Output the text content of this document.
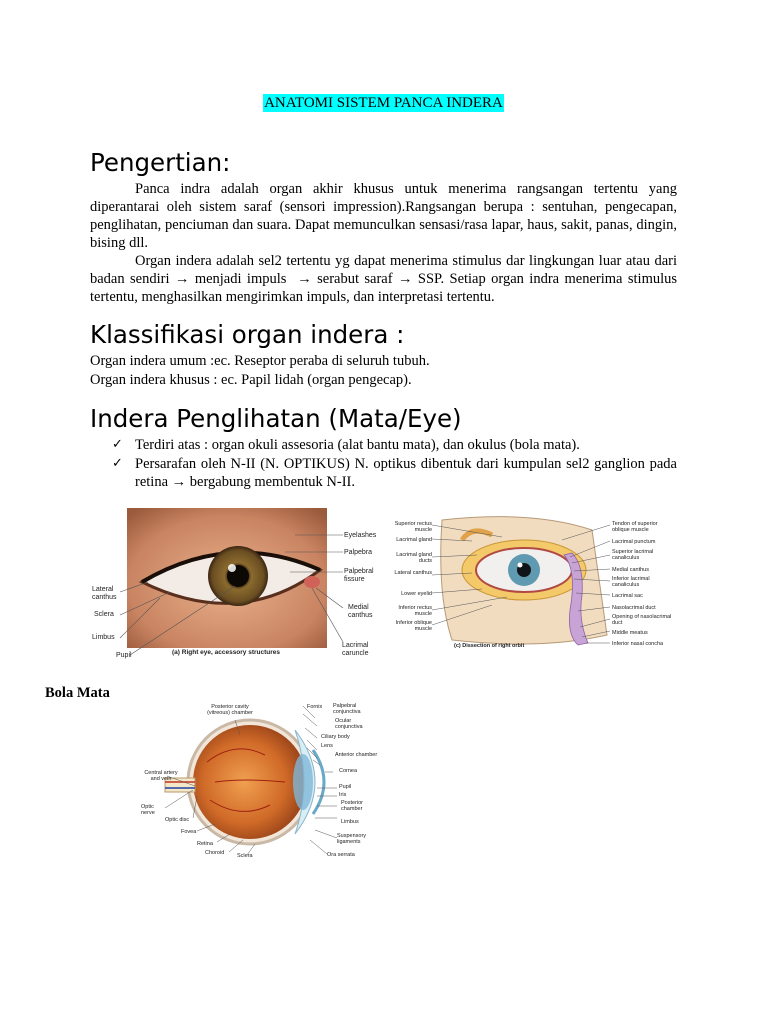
ANATOMI SISTEM PANCA INDERA
Pengertian:

Panca indra adalah organ akhir khusus untuk menerima rangsangan tertentu yang diperantarai oleh sistem saraf (sensori impression).Rangsangan berupa : sentuhan, pengecapan, penglihatan, penciuman dan suara. Dapat memunculkan sensasi/rasa lapar, haus, sakit, panas, dingin, bising dll.

Organ indera adalah sel2 tertentu yg dapat menerima stimulus dar lingkungan luar atau dari badan sendiri → menjadi impuls → serabut saraf → SSP. Setiap organ indra menerima stimulus tertentu, menghasilkan mengirimkan impuls, dan interpretasi tertentu.

Klassifikasi organ indera :
Organ indera umum :ec. Reseptor peraba di seluruh tubuh.
Organ indera khusus : ec. Papil lidah (organ pengecap).
Indera Penglihatan (Mata/Eye)
✓ Terdiri atas : organ okuli assesoria (alat bantu mata), dan okulus (bola mata).
✓ Persarafan oleh N-II (N. OPTIKUS) N. optikus dibentuk dari kumpulan sel2 ganglion pada retina → bergabung membentuk N-II.
Eyelashes
Palpebra
Palpebral fissure
Lateral canthus
Sclera
Medial canthus
Limbus
Lacrimal caruncle
Pupil	(a) Right eye, accessory structures
Superior rectus muscle
Lacrimal gland
Lacrimal gland ducts
Lateral canthus
Lower eyelid
Inferior rectus muscle
Inferior oblique muscle
Tendon of superior oblique muscle
Lacrimal punctum
Superior lacrimal canaliculus
Medial canthus
Inferior lacrimal canaliculus
Lacrimal sac
Nasolacrimal duct
Opening of nasolacrimal duct
Middle meatus
Inferior nasal concha
(c) Dissection of right orbit
Bola Mata
Posterior cavity (vitreous) chamber
Fornix Palpebral conjunctiva
Ocular conjunctiva
Ciliary body
Lens
Anterior chamber
Cornea
Central artery and vein
Pupil
Iris
Optic nerve
Optic disc
Posterior chamber
Limbus
Fovea
Suspensory ligaments
Retina
Choroid Sclera	Ora serrata
